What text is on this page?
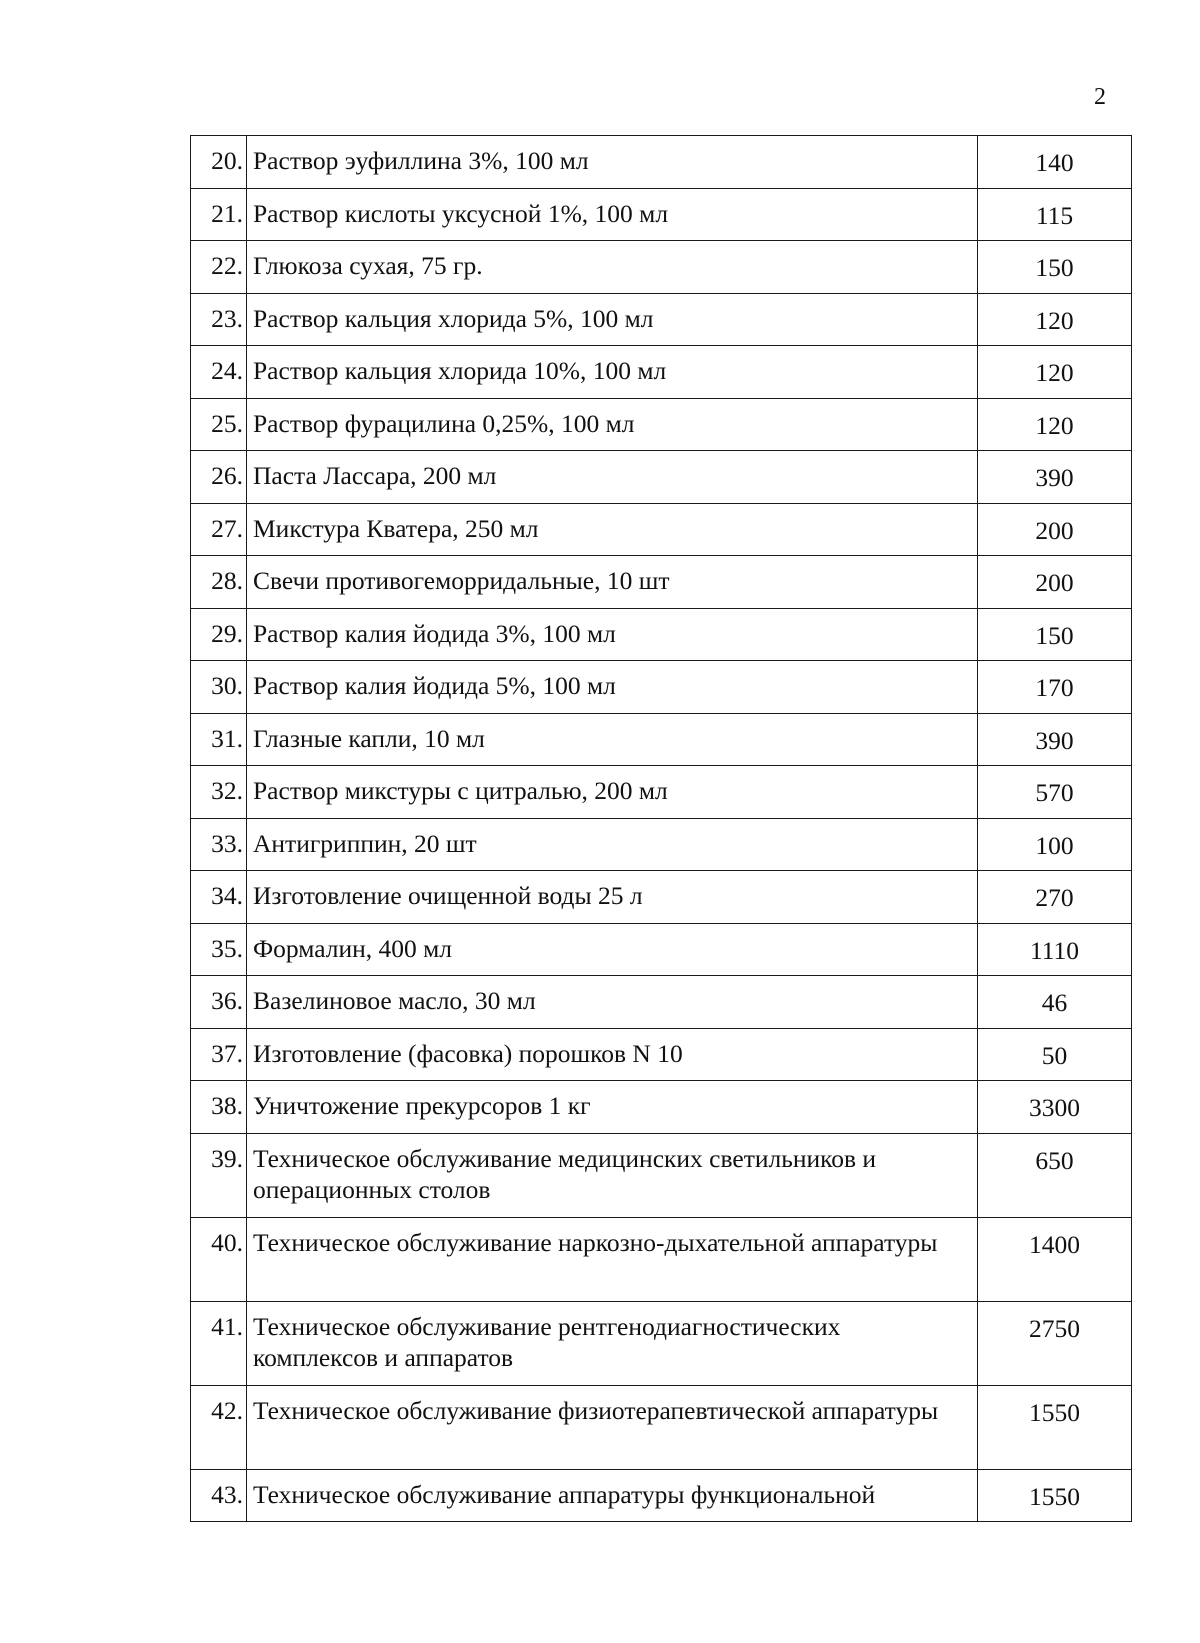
2
20.	Раствор эуфиллина 3%, 100 мл	140
21.	Раствор кислоты уксусной 1%, 100 мл	115
22.	Глюкоза сухая, 75 гр.	150
23.	Раствор кальция хлорида 5%, 100 мл	120
24.	Раствор кальция хлорида 10%, 100 мл	120
25.	Раствор фурацилина 0,25%, 100 мл	120
26.	Паста Лассара, 200 мл	390
27.	Микстура Кватера, 250 мл	200
28.	Свечи противогеморридальные, 10 шт	200
29.	Раствор калия йодида 3%, 100 мл	150
30.	Раствор калия йодида 5%, 100 мл	170
31.	Глазные капли, 10 мл	390
32.	Раствор микстуры с цитралью, 200 мл	570
33.	Антигриппин, 20 шт	100
34.	Изготовление очищенной воды 25 л	270
35.	Формалин, 400 мл	1110
36.	Вазелиновое масло, 30 мл	46
37.	Изготовление (фасовка) порошков N 10	50
38.	Уничтожение прекурсоров 1 кг	3300
39.	Техническое обслуживание медицинских светильников и операционных столов	650
40.	Техническое обслуживание наркозно-дыхательной аппаратуры	1400
41.	Техническое обслуживание рентгенодиагностических комплексов и аппаратов	2750
42.	Техническое обслуживание физиотерапевтической аппаратуры	1550
43.	Техническое обслуживание аппаратуры функциональной	1550
